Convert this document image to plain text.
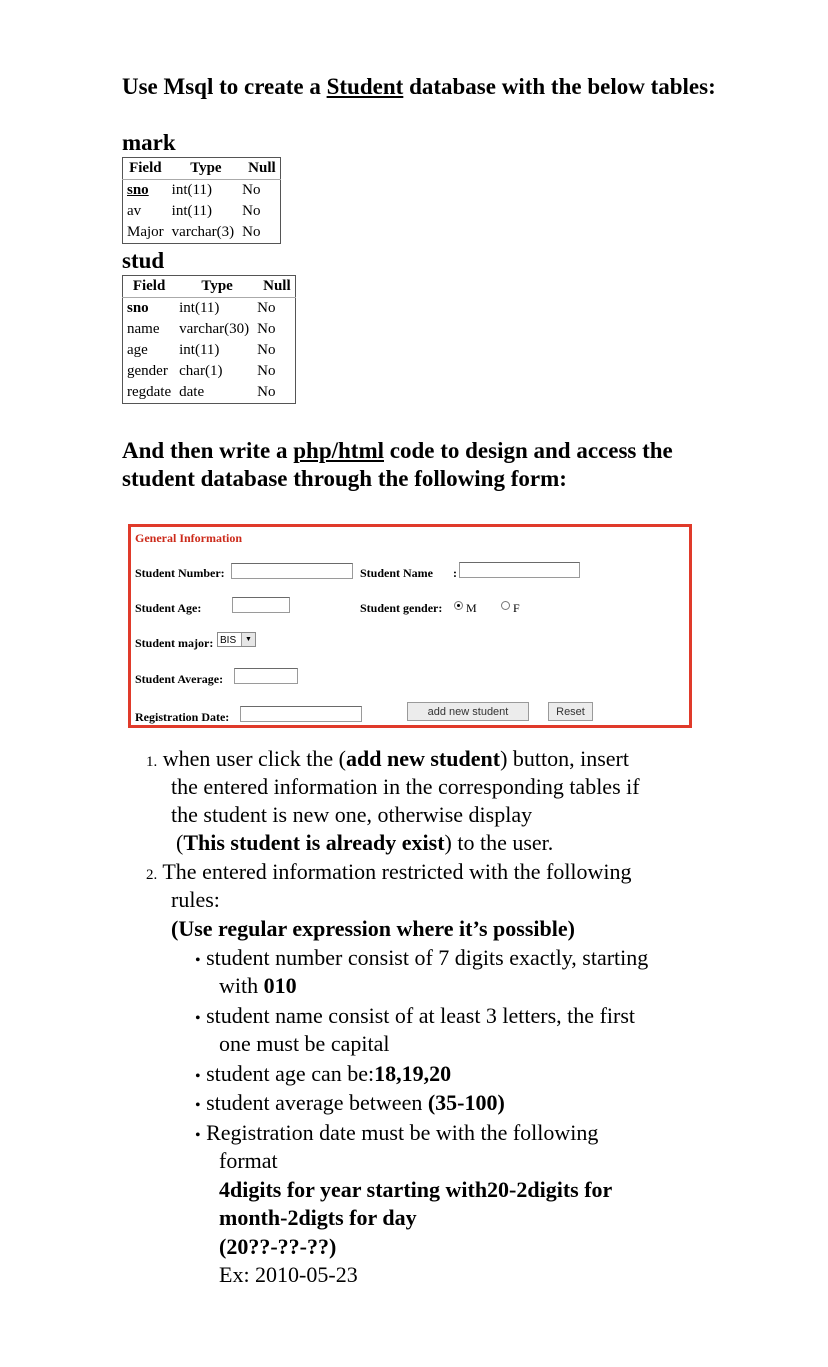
Use Msql to create a Student database with the below tables:

mark

Field	Type	Null
sno	int(11)	No
av	int(11)	No
Major	varchar(3)	No

stud

Field	Type	Null
sno	int(11)	No
name	varchar(30)	No
age	int(11)	No
gender	char(1)	No
regdate	date	No

And then write a php/html code to design and access the

student database through the following form:

General Information
Student Number:	Student Name :
Student Age:	Student gender: M	F
Student major: BIS	▼
Student Average:
Registration Date:	add new student	Reset
1. when user click the (add new student) button, insert
the entered information in the corresponding tables if
the student is new one, otherwise display
(This student is already exist) to the user.
2. The entered information restricted with the following
rules:
(Use regular expression where it’s possible)
• student number consist of 7 digits exactly, starting
with 010
• student name consist of at least 3 letters, the first
one must be capital
• student age can be:18,19,20
• student average between (35-100)
• Registration date must be with the following
format
4digits for year starting with20-2digits for
month-2digts for day
(20??-??-??)
Ex: 2010-05-23
